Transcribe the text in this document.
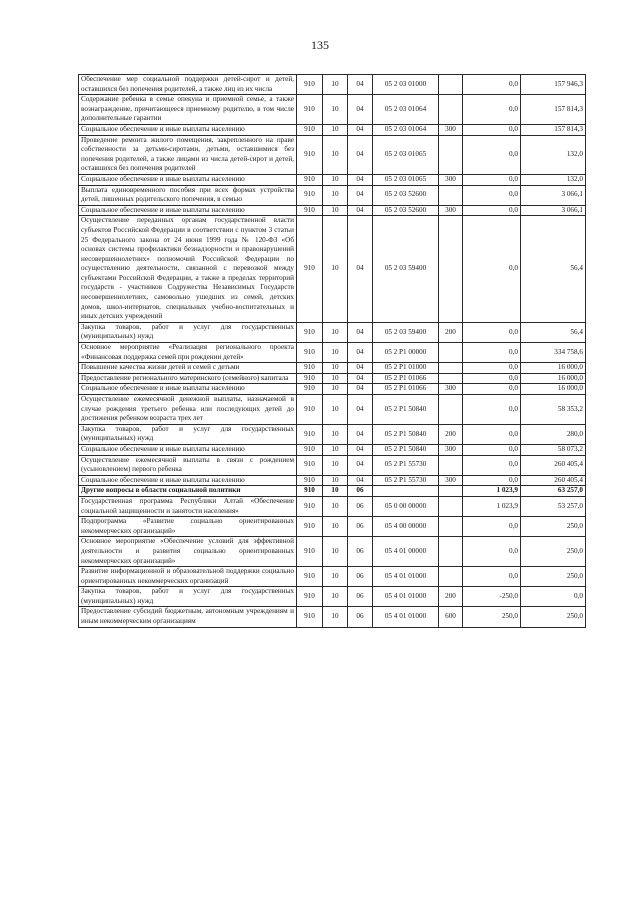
135
Обеспечение мер социальной поддержки детей-сирот и детей, оставшихся без попечения родителей, а также лиц из их числа	910	10	04	05 2 03 01000		0,0	157 946,3
Содержание ребенка в семье опекуна и приемной семье, а также вознаграждение, причитающееся приемному родителю, в том числе дополнительные гарантии	910	10	04	05 2 03 01064		0,0	157 814,3
Социальное обеспечение и иные выплаты населению	910	10	04	05 2 03 01064	300	0,0	157 814,3
Проведение ремонта жилого помещения, закрепленного на праве собственности за детьми-сиротами, детьми, оставшимися без попечения родителей, а также лицами из числа детей-сирот и детей, оставшихся без попечения родителей	910	10	04	05 2 03 01065		0,0	132,0
Социальное обеспечение и иные выплаты населению	910	10	04	05 2 03 01065	300	0,0	132,0
Выплата единовременного пособия при всех формах устройства детей, лишенных родительского попечения, в семью	910	10	04	05 2 03 52600		0,0	3 066,1
Социальное обеспечение и иные выплаты населению	910	10	04	05 2 03 52600	300	0,0	3 066,1
Осуществление переданных органам государственной власти субъектов Российской Федерации в соответствии с пунктом 3 статьи 25 Федерального закона от 24 июня 1999 года № 120-ФЗ «Об основах системы профилактики безнадзорности и правонарушений несовершеннолетних» полномочий Российской Федерации по осуществлению деятельности, связанной с перевозкой между субъектами Российской Федерации, а также в пределах территорий государств - участников Содружества Независимых Государств несовершеннолетних, самовольно ушедших из семей, детских домов, школ-интернатов, специальных учебно-воспитательных и иных детских учреждений	910	10	04	05 2 03 59400		0,0	56,4
Закупка товаров, работ и услуг для государственных (муниципальных) нужд	910	10	04	05 2 03 59400	200	0,0	56,4
Основное мероприятие «Реализация регионального проекта «Финансовая поддержка семей при рождении детей»	910	10	04	05 2 P1 00000		0,0	334 758,6
Повышение качества жизни детей и семей с детьми	910	10	04	05 2 P1 01000		0,0	16 000,0
Предоставление регионального материнского (семейного) капитала	910	10	04	05 2 P1 01066		0,0	16 000,0
Социальное обеспечение и иные выплаты населению	910	10	04	05 2 P1 01066	300	0,0	16 000,0
Осуществление ежемесячной денежной выплаты, назначаемой в случае рождения третьего ребенка или последующих детей до достижения ребенком возраста трех лет	910	10	04	05 2 P1 50840		0,0	58 353,2
Закупка товаров, работ и услуг для государственных (муниципальных) нужд	910	10	04	05 2 P1 50840	200	0,0	280,0
Социальное обеспечение и иные выплаты населению	910	10	04	05 2 P1 50840	300	0,0	58 073,2
Осуществление ежемесячной выплаты в связи с рождением (усыновлением) первого ребенка	910	10	04	05 2 P1 55730		0,0	260 405,4
Социальное обеспечение и иные выплаты населению	910	10	04	05 2 P1 55730	300	0,0	260 405,4
Другие вопросы в области социальной политики	910	10	06			1 023,9	63 257,0
Государственная программа Республики Алтай «Обеспечение социальной защищенности и занятости населения»	910	10	06	05 0 00 00000		1 023,9	53 257,0
Подпрограмма «Развитие социально ориентированных некоммерческих организаций»	910	10	06	05 4 00 00000		0,0	250,0
Основное мероприятие «Обеспечение условий для эффективной деятельности и развития социально ориентированных некоммерческих организаций»	910	10	06	05 4 01 00000		0,0	250,0
Развитие информационной и образовательной поддержки социально ориентированных некоммерческих организаций	910	10	06	05 4 01 01000		0,0	250,0
Закупка товаров, работ и услуг для государственных (муниципальных) нужд	910	10	06	05 4 01 01000	200	-250,0	0,0
Предоставление субсидий бюджетным, автономным учреждениям и иным некоммерческим организациям	910	10	06	05 4 01 01000	600	250,0	250,0
